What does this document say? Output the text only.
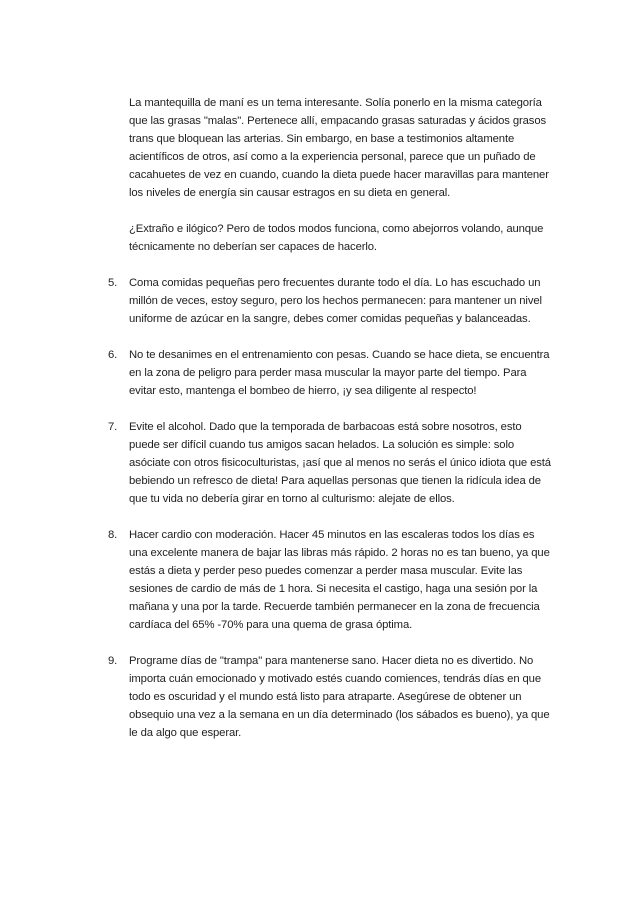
La mantequilla de maní es un tema interesante. Solía ponerlo en la misma categoría que las grasas "malas". Pertenece allí, empacando grasas saturadas y ácidos grasos trans que bloquean las arterias. Sin embargo, en base a testimonios altamente acientíficos de otros, así como a la experiencia personal, parece que un puñado de cacahuetes de vez en cuando, cuando la dieta puede hacer maravillas para mantener los niveles de energía sin causar estragos en su dieta en general.

¿Extraño e ilógico? Pero de todos modos funciona, como abejorros volando, aunque técnicamente no deberían ser capaces de hacerlo.

5. Coma comidas pequeñas pero frecuentes durante todo el día. Lo has escuchado un millón de veces, estoy seguro, pero los hechos permanecen: para mantener un nivel uniforme de azúcar en la sangre, debes comer comidas pequeñas y balanceadas.

6. No te desanimes en el entrenamiento con pesas. Cuando se hace dieta, se encuentra en la zona de peligro para perder masa muscular la mayor parte del tiempo. Para evitar esto, mantenga el bombeo de hierro, ¡y sea diligente al respecto!

7. Evite el alcohol. Dado que la temporada de barbacoas está sobre nosotros, esto puede ser difícil cuando tus amigos sacan helados. La solución es simple: solo asóciate con otros fisicoculturistas, ¡así que al menos no serás el único idiota que está bebiendo un refresco de dieta! Para aquellas personas que tienen la ridícula idea de que tu vida no debería girar en torno al culturismo: alejate de ellos.

8. Hacer cardio con moderación. Hacer 45 minutos en las escaleras todos los días es una excelente manera de bajar las libras más rápido. 2 horas no es tan bueno, ya que estás a dieta y perder peso puedes comenzar a perder masa muscular. Evite las sesiones de cardio de más de 1 hora. Si necesita el castigo, haga una sesión por la mañana y una por la tarde. Recuerde también permanecer en la zona de frecuencia cardíaca del 65% -70% para una quema de grasa óptima.

9. Programe días de "trampa" para mantenerse sano. Hacer dieta no es divertido. No importa cuán emocionado y motivado estés cuando comiences, tendrás días en que todo es oscuridad y el mundo está listo para atraparte. Asegúrese de obtener un obsequio una vez a la semana en un día determinado (los sábados es bueno), ya que le da algo que esperar.
